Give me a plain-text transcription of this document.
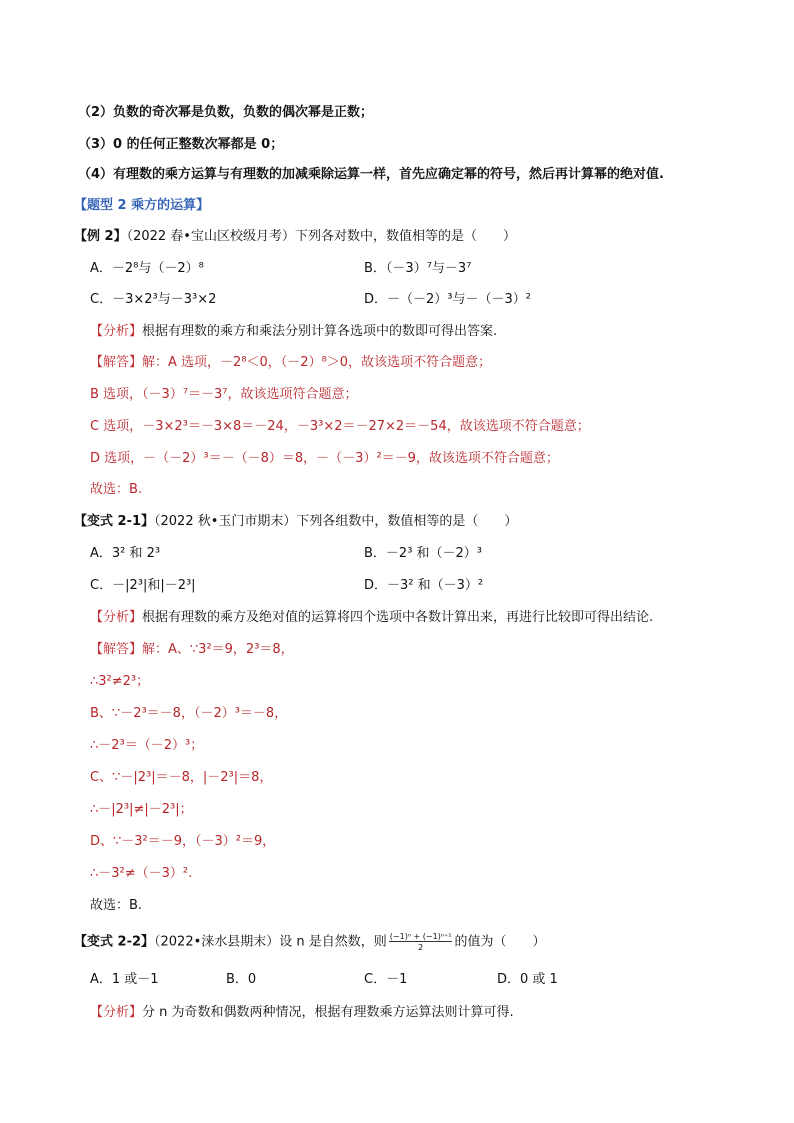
（2）负数的奇次幂是负数，负数的偶次幂是正数；
（3）0 的任何正整数次幂都是 0；
（4）有理数的乘方运算与有理数的加减乘除运算一样，首先应确定幂的符号，然后再计算幂的绝对值.
【题型 2 乘方的运算】
【例 2】（2022 春•宝山区校级月考）下列各对数中，数值相等的是（　　）
A．－2⁸与（－2）⁸	B．（－3）⁷与－3⁷
C．－3×2³与－3³×2	D．－（－2）³与－（－3）²
【分析】根据有理数的乘方和乘法分别计算各选项中的数即可得出答案.
【解答】解：A 选项，－2⁸＜0，（－2）⁸＞0，故该选项不符合题意；
B 选项，（－3）⁷＝－3⁷，故该选项符合题意；
C 选项，－3×2³＝－3×8＝－24，－3³×2＝－27×2＝－54，故该选项不符合题意；
D 选项，－（－2）³＝－（－8）＝8，－（－3）²＝－9，故该选项不符合题意；
故选：B.
【变式 2-1】（2022 秋•玉门市期末）下列各组数中，数值相等的是（　　）
A．3² 和 2³	B．－2³ 和（－2）³
C．－|2³|和|－2³|	D．－3² 和（－3）²
【分析】根据有理数的乘方及绝对值的运算将四个选项中各数计算出来，再进行比较即可得出结论.
【解答】解：A、∵3²＝9，2³＝8，
∴3²≠2³；
B、∵－2³＝－8，（－2）³＝－8，
∴－2³＝（－2）³；
C、∵－|2³|＝－8，|－2³|＝8，
∴－|2³|≠|－2³|；
D、∵－3²＝－9，（－3）²＝9，
∴－3²≠（－3）².
故选：B.
【变式 2-2】（2022•涞水县期末）设 n 是自然数，则 $\frac{\text{(−1)ⁿ + (−1)ⁿ⁺²}}{2}$ 的值为（　　）
A．1 或－1	B．0	C．－1	D．0 或 1
【分析】分 n 为奇数和偶数两种情况，根据有理数乘方运算法则计算可得.
